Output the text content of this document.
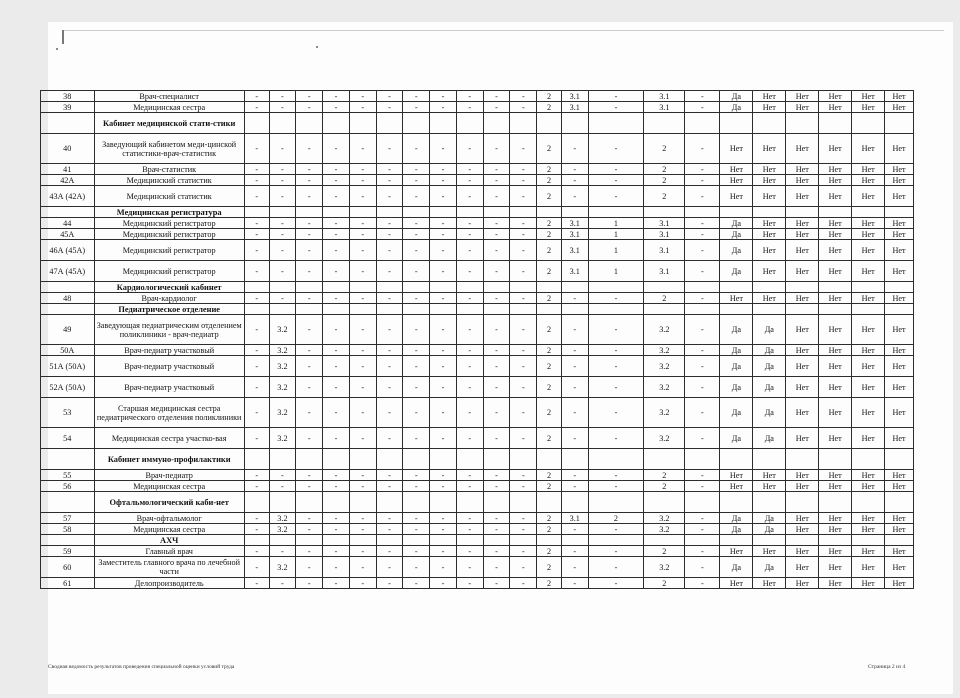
38	Врач-специалист	-	-	-	-	-	-	-	-	-	-	-	2	3.1	-	3.1	-	Да	Нет	Нет	Нет	Нет	Нет
39	Медицинская сестра	-	-	-	-	-	-	-	-	-	-	-	2	3.1	-	3.1	-	Да	Нет	Нет	Нет	Нет	Нет
	Кабинет медицинской стати-стики																						
40	Заведующий кабинетом меди-цинской статистики-врач-статистик	-	-	-	-	-	-	-	-	-	-	-	2	-	-	2	-	Нет	Нет	Нет	Нет	Нет	Нет
41	Врач-статистик	-	-	-	-	-	-	-	-	-	-	-	2	-	-	2	-	Нет	Нет	Нет	Нет	Нет	Нет
42А	Медицинский статистик	-	-	-	-	-	-	-	-	-	-	-	2	-	-	2	-	Нет	Нет	Нет	Нет	Нет	Нет
43А (42А)	Медицинский статистик	-	-	-	-	-	-	-	-	-	-	-	2	-	-	2	-	Нет	Нет	Нет	Нет	Нет	Нет
	Медицинская регистратура																						
44	Медицинский регистратор	-	-	-	-	-	-	-	-	-	-	-	2	3.1	1	3.1	-	Да	Нет	Нет	Нет	Нет	Нет
45А	Медицинский регистратор	-	-	-	-	-	-	-	-	-	-	-	2	3.1	1	3.1	-	Да	Нет	Нет	Нет	Нет	Нет
46А (45А)	Медицинский регистратор	-	-	-	-	-	-	-	-	-	-	-	2	3.1	1	3.1	-	Да	Нет	Нет	Нет	Нет	Нет
47А (45А)	Медицинский регистратор	-	-	-	-	-	-	-	-	-	-	-	2	3.1	1	3.1	-	Да	Нет	Нет	Нет	Нет	Нет
	Кардиологический кабинет																						
48	Врач-кардиолог	-	-	-	-	-	-	-	-	-	-	-	2	-	-	2	-	Нет	Нет	Нет	Нет	Нет	Нет
	Педиатрическое отделение																						
49	Заведующая педиатрическим отделением поликлиники - врач-педиатр	-	3.2	-	-	-	-	-	-	-	-	-	2	-	-	3.2	-	Да	Да	Нет	Нет	Нет	Нет
50А	Врач-педиатр участковый	-	3.2	-	-	-	-	-	-	-	-	-	2	-	-	3.2	-	Да	Да	Нет	Нет	Нет	Нет
51А (50А)	Врач-педиатр участковый	-	3.2	-	-	-	-	-	-	-	-	-	2	-	-	3.2	-	Да	Да	Нет	Нет	Нет	Нет
52А (50А)	Врач-педиатр участковый	-	3.2	-	-	-	-	-	-	-	-	-	2	-	-	3.2	-	Да	Да	Нет	Нет	Нет	Нет
53	Старшая медицинская сестра педиатрического отделения поликлиники	-	3.2	-	-	-	-	-	-	-	-	-	2	-	-	3.2	-	Да	Да	Нет	Нет	Нет	Нет
54	Медицинская сестра участко-вая	-	3.2	-	-	-	-	-	-	-	-	-	2	-	-	3.2	-	Да	Да	Нет	Нет	Нет	Нет
	Кабинет иммуно-профилактики																						
55	Врач-педиатр	-	-	-	-	-	-	-	-	-	-	-	2	-	-	2	-	Нет	Нет	Нет	Нет	Нет	Нет
56	Медицинская сестра	-	-	-	-	-	-	-	-	-	-	-	2	-	-	2	-	Нет	Нет	Нет	Нет	Нет	Нет
	Офтальмологический каби-нет																						
57	Врач-офтальмолог	-	3.2	-	-	-	-	-	-	-	-	-	2	3.1	2	3.2	-	Да	Да	Нет	Нет	Нет	Нет
58	Медицинская сестра	-	3.2	-	-	-	-	-	-	-	-	-	2	-	-	3.2	-	Да	Да	Нет	Нет	Нет	Нет
	АХЧ																						
59	Главный врач	-	-	-	-	-	-	-	-	-	-	-	2	-	-	2	-	Нет	Нет	Нет	Нет	Нет	Нет
60	Заместитель главного врача по лечебной части	-	3.2	-	-	-	-	-	-	-	-	-	2	-	-	3.2	-	Да	Да	Нет	Нет	Нет	Нет
61	Делопроизводитель	-	-	-	-	-	-	-	-	-	-	-	2	-	-	2	-	Нет	Нет	Нет	Нет	Нет	Нет
Сводная ведомость результатов проведения специальной оценки условий труда	Страница 2 из 4
